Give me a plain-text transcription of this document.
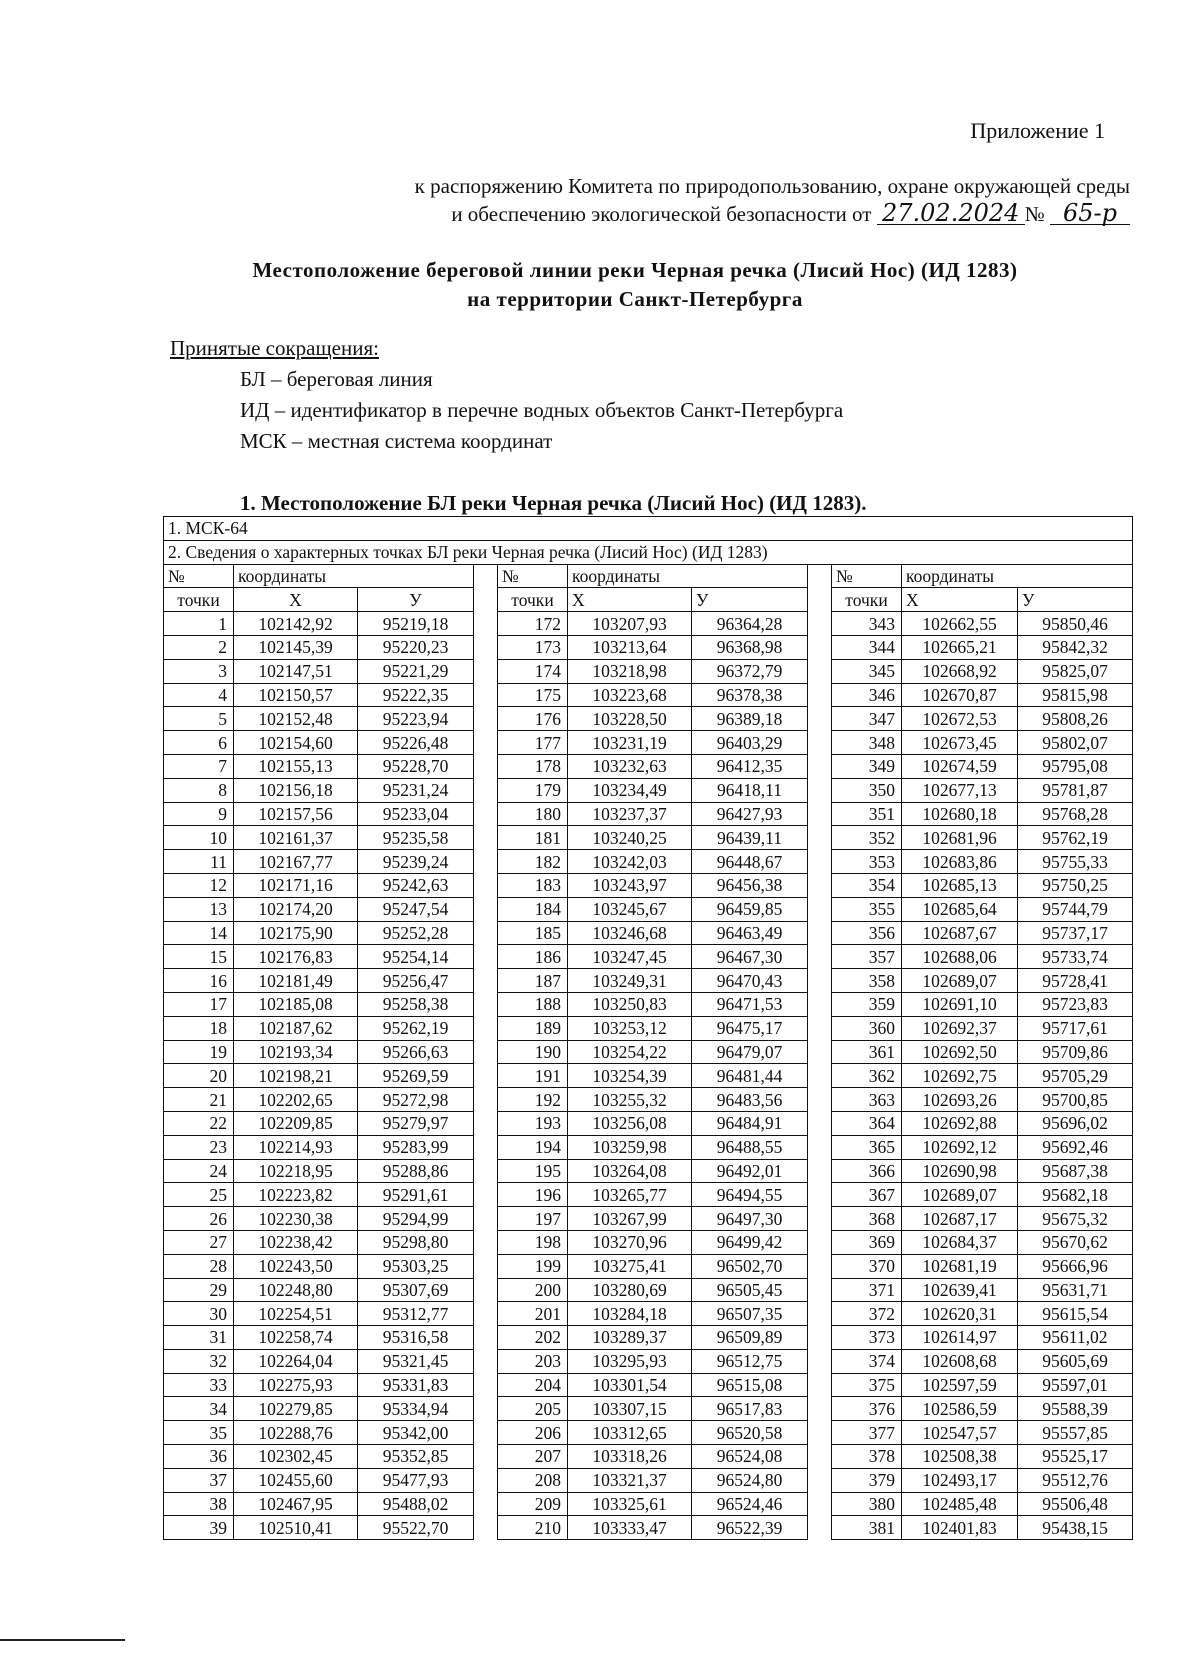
Приложение 1
к распоряжению Комитета по природопользованию, охране окружающей среды
и обеспечению экологической безопасности от 27.02.2024 № 65-р
Местоположение береговой линии реки Черная речка (Лисий Нос) (ИД 1283)
на территории Санкт-Петербурга
Принятые сокращения:
БЛ – береговая линия
ИД – идентификатор в перечне водных объектов Санкт-Петербурга
МСК – местная система координат
1. Местоположение БЛ реки Черная речка (Лисий Нос) (ИД 1283).
1. МСК-64										
2. Сведения о характерных точках БЛ реки Черная речка (Лисий Нос) (ИД 1283)										
№	координаты			№	координаты			№	координаты	
точки	X	У		точки	X	У		точки	X	У
1	102142,92	95219,18		172	103207,93	96364,28		343	102662,55	95850,46
2	102145,39	95220,23		173	103213,64	96368,98		344	102665,21	95842,32
3	102147,51	95221,29		174	103218,98	96372,79		345	102668,92	95825,07
4	102150,57	95222,35		175	103223,68	96378,38		346	102670,87	95815,98
5	102152,48	95223,94		176	103228,50	96389,18		347	102672,53	95808,26
6	102154,60	95226,48		177	103231,19	96403,29		348	102673,45	95802,07
7	102155,13	95228,70		178	103232,63	96412,35		349	102674,59	95795,08
8	102156,18	95231,24		179	103234,49	96418,11		350	102677,13	95781,87
9	102157,56	95233,04		180	103237,37	96427,93		351	102680,18	95768,28
10	102161,37	95235,58		181	103240,25	96439,11		352	102681,96	95762,19
11	102167,77	95239,24		182	103242,03	96448,67		353	102683,86	95755,33
12	102171,16	95242,63		183	103243,97	96456,38		354	102685,13	95750,25
13	102174,20	95247,54		184	103245,67	96459,85		355	102685,64	95744,79
14	102175,90	95252,28		185	103246,68	96463,49		356	102687,67	95737,17
15	102176,83	95254,14		186	103247,45	96467,30		357	102688,06	95733,74
16	102181,49	95256,47		187	103249,31	96470,43		358	102689,07	95728,41
17	102185,08	95258,38		188	103250,83	96471,53		359	102691,10	95723,83
18	102187,62	95262,19		189	103253,12	96475,17		360	102692,37	95717,61
19	102193,34	95266,63		190	103254,22	96479,07		361	102692,50	95709,86
20	102198,21	95269,59		191	103254,39	96481,44		362	102692,75	95705,29
21	102202,65	95272,98		192	103255,32	96483,56		363	102693,26	95700,85
22	102209,85	95279,97		193	103256,08	96484,91		364	102692,88	95696,02
23	102214,93	95283,99		194	103259,98	96488,55		365	102692,12	95692,46
24	102218,95	95288,86		195	103264,08	96492,01		366	102690,98	95687,38
25	102223,82	95291,61		196	103265,77	96494,55		367	102689,07	95682,18
26	102230,38	95294,99		197	103267,99	96497,30		368	102687,17	95675,32
27	102238,42	95298,80		198	103270,96	96499,42		369	102684,37	95670,62
28	102243,50	95303,25		199	103275,41	96502,70		370	102681,19	95666,96
29	102248,80	95307,69		200	103280,69	96505,45		371	102639,41	95631,71
30	102254,51	95312,77		201	103284,18	96507,35		372	102620,31	95615,54
31	102258,74	95316,58		202	103289,37	96509,89		373	102614,97	95611,02
32	102264,04	95321,45		203	103295,93	96512,75		374	102608,68	95605,69
33	102275,93	95331,83		204	103301,54	96515,08		375	102597,59	95597,01
34	102279,85	95334,94		205	103307,15	96517,83		376	102586,59	95588,39
35	102288,76	95342,00		206	103312,65	96520,58		377	102547,57	95557,85
36	102302,45	95352,85		207	103318,26	96524,08		378	102508,38	95525,17
37	102455,60	95477,93		208	103321,37	96524,80		379	102493,17	95512,76
38	102467,95	95488,02		209	103325,61	96524,46		380	102485,48	95506,48
39	102510,41	95522,70		210	103333,47	96522,39		381	102401,83	95438,15
